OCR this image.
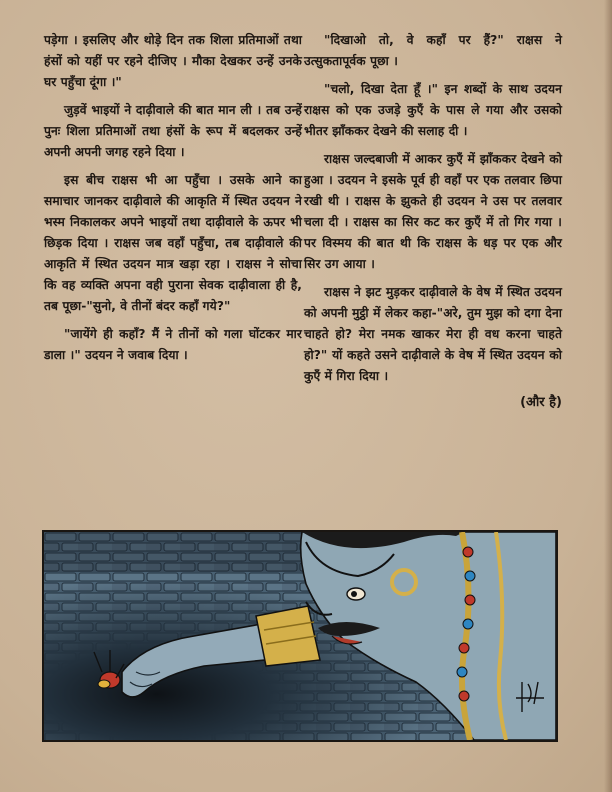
पड़ेगा । इसलिए और थोड़े दिन तक शिला प्रतिमाओं तथा हंसों को यहीं पर रहने दीजिए । मौका देखकर उन्हें उनके घर पहुँचा दूंगा ।"

जुड़वें भाइयों ने दाढ़ीवाले की बात मान ली । तब उन्हें पुनः शिला प्रतिमाओं तथा हंसों के रूप में बदलकर उन्हें अपनी अपनी जगह रहने दिया ।

इस बीच राक्षस भी आ पहुँचा । उसके आने का समाचार जानकर दाढ़ीवाले की आकृति में स्थित उदयन ने भस्म निकालकर अपने भाइयों तथा दाढ़ीवाले के ऊपर भी छिड़क दिया । राक्षस जब वहाँ पहुँचा, तब दाढ़ीवाले की आकृति में स्थित उदयन मात्र खड़ा रहा । राक्षस ने सोचा कि वह व्यक्ति अपना वही पुराना सेवक दाढ़ीवाला ही है, तब पूछा-"सुनो, वे तीनों बंदर कहाँ गये?"

"जायेंगे ही कहाँ? मैं ने तीनों को गला घोंटकर मार डाला ।" उदयन ने जवाब दिया ।

"दिखाओ तो, वे कहाँ पर हैं?" राक्षस ने उत्सुकतापूर्वक पूछा ।

"चलो, दिखा देता हूँ ।" इन शब्दों के साथ उदयन राक्षस को एक उजड़े कुएँ के पास ले गया और उसको भीतर झाँककर देखने की सलाह दी ।

राक्षस जल्दबाजी में आकर कुएँ में झाँककर देखने को हुआ । उदयन ने इसके पूर्व ही वहाँ पर एक तलवार छिपा रखी थी । राक्षस के झुकते ही उदयन ने उस पर तलवार चला दी । राक्षस का सिर कट कर कुएँ में तो गिर गया । पर विस्मय की बात थी कि राक्षस के धड़ पर एक और सिर उग आया ।

राक्षस ने झट मुड़कर दाढ़ीवाले के वेष में स्थित उदयन को अपनी मुट्ठी में लेकर कहा-"अरे, तुम मुझ को दगा देना चाहते हो? मेरा नमक खाकर मेरा ही वध करना चाहते हो?" यों कहते उसने दाढ़ीवाले के वेष में स्थित उदयन को कुएँ में गिरा दिया ।

(और है)
